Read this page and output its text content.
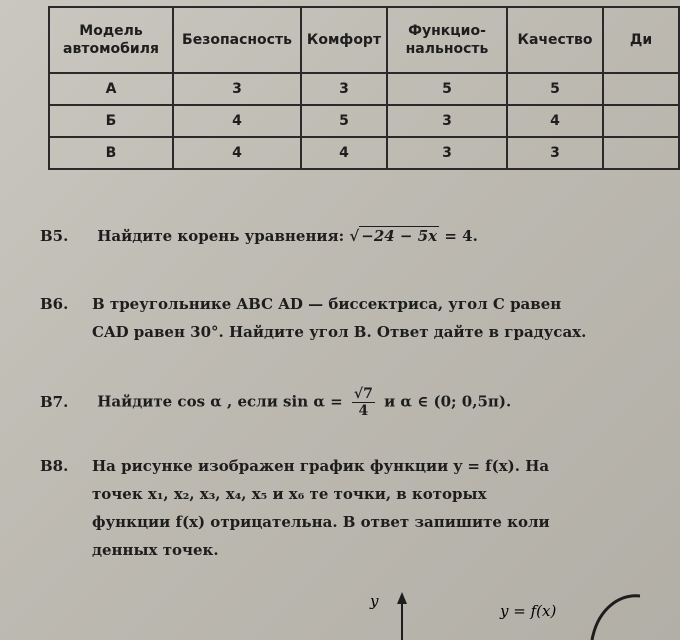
Модель автомобиля	Безопасность	Комфорт	Функцио-нальность	Качество	Ди
А	3	3	5	5	
Б	4	5	3	4	
В	4	4	3	3	
B5. Найдите корень уравнения: √ −24 − 5x = 4.
B6. В треугольнике ABC AD — биссектриса, угол C равен
CAD равен 30°. Найдите угол B. Ответ дайте в градусах.
B7. Найдите cos α , если $\sin \alpha = \frac{√7}{4}$ и α ∈ (0; 0,5π).
B8. На рисунке изображен график функции y = f(x). На
точек x₁, x₂, x₃, x₄, x₅ и x₆ те точки, в которых
функции f(x) отрицательна. В ответ запишите коли
денных точек.
y
y = f(x)
